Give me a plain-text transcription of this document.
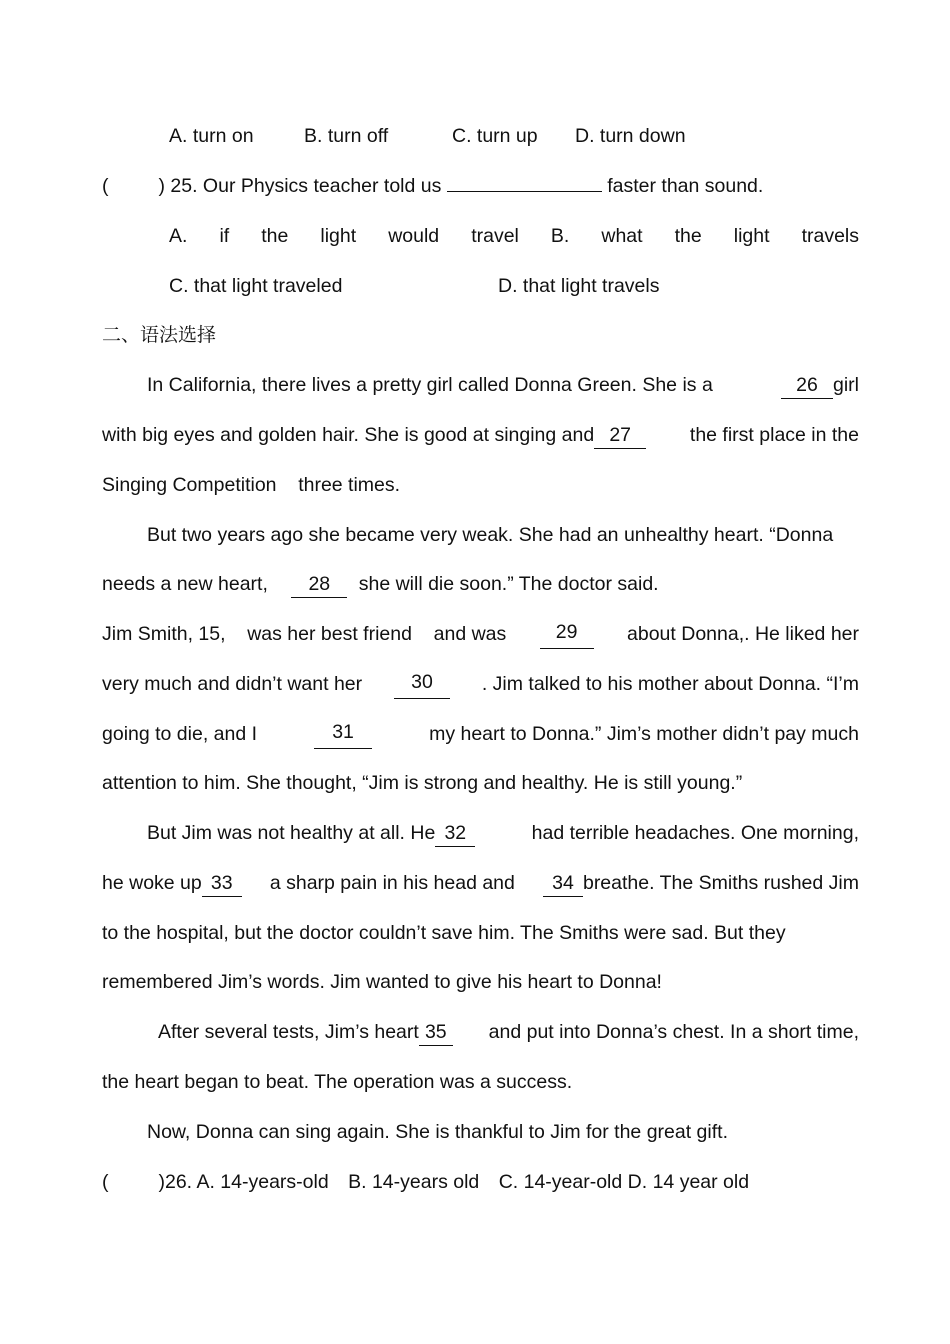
A. turn on	B. turn off	C. turn up D. turn down
(	) 25. Our Physics teacher told us	faster than sound.
A. if the light would travel B. what the light travels
C. that light traveled	D. that light travels
二、语法选择
In California, there lives a pretty girl called Donna Green. She is a	26 girl
with big eyes and golden hair. She is good at singing and 27	the first place in the
Singing Competition    three times.
But two years ago she became very weak. She had an unhealthy heart. “Donna
needs a new heart, 28 she will die soon.” The doctor said.
Jim Smith, 15,    was her best friend    and was	29	about Donna,. He liked her
very much and didn’t want her	30	. Jim talked to his mother about Donna. “I’m
going to die, and I	31	my heart to Donna.” Jim’s mother didn’t pay much
attention to him. She thought, “Jim is strong and healthy. He is still young.”
But Jim was not healthy at all. He 32	had terrible headaches. One morning,
he woke up 33	a sharp pain in his head and	34 breathe. The Smiths rushed Jim
to the hospital, but the doctor couldn’t save him. The Smiths were sad. But they
remembered Jim’s words. Jim wanted to give his heart to Donna!
After several tests, Jim’s heart 35	and put into Donna’s chest. In a short time,
the heart began to beat. The operation was a success.
Now, Donna can sing again. She is thankful to Jim for the great gift.
(	)26. A. 14-years-old B. 14-years old C. 14-year-old D. 14 year old
